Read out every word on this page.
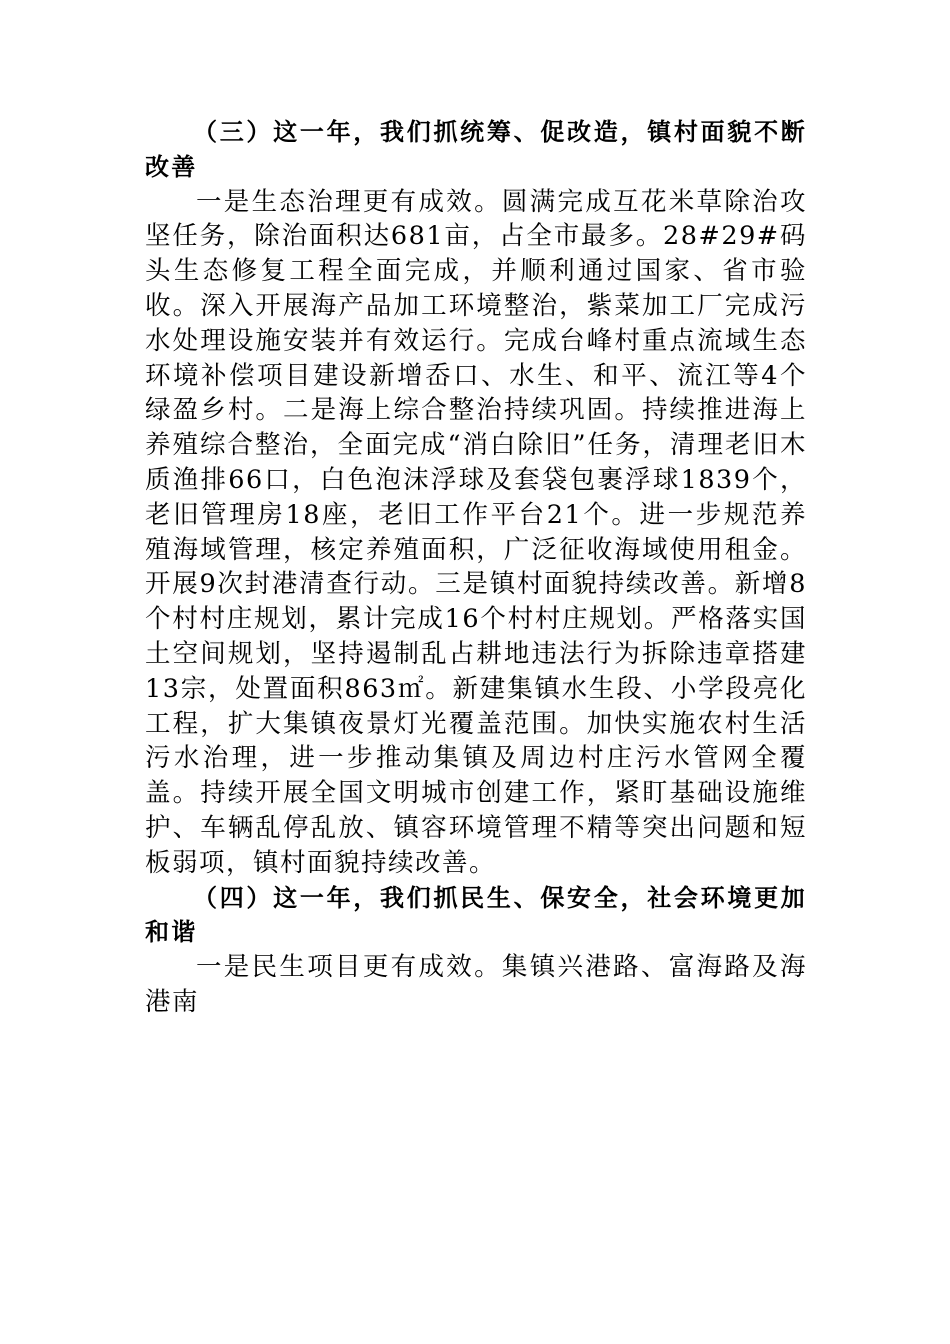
（三）这一年，我们抓统筹、促改造，镇村面貌不断改善

一是生态治理更有成效。圆满完成互花米草除治攻坚任务，除治面积达681亩，占全市最多。28#29#码头生态修复工程全面完成，并顺利通过国家、省市验收。深入开展海产品加工环境整治，紫菜加工厂完成污水处理设施安装并有效运行。完成台峰村重点流域生态环境补偿项目建设新增岙口、水生、和平、流江等4个绿盈乡村。二是海上综合整治持续巩固。持续推进海上养殖综合整治，全面完成“消白除旧”任务，清理老旧木质渔排66口，白色泡沫浮球及套袋包裹浮球1839个，老旧管理房18座，老旧工作平台21个。进一步规范养殖海域管理，核定养殖面积，广泛征收海域使用租金。开展9次封港清查行动。三是镇村面貌持续改善。新增8个村村庄规划，累计完成16个村村庄规划。严格落实国土空间规划，坚持遏制乱占耕地违法行为拆除违章搭建13宗，处置面积863㎡。新建集镇水生段、小学段亮化工程，扩大集镇夜景灯光覆盖范围。加快实施农村生活污水治理，进一步推动集镇及周边村庄污水管网全覆盖。持续开展全国文明城市创建工作，紧盯基础设施维护、车辆乱停乱放、镇容环境管理不精等突出问题和短板弱项，镇村面貌持续改善。

（四）这一年，我们抓民生、保安全，社会环境更加和谐

一是民生项目更有成效。集镇兴港路、富海路及海港南
